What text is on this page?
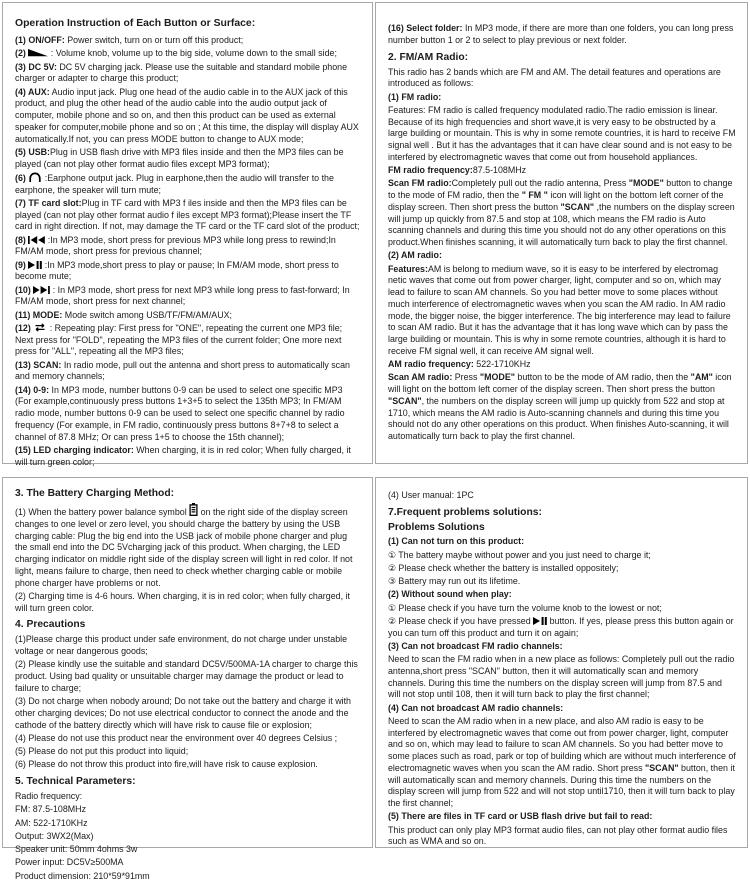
Operation Instruction of Each Button or Surface:
(1) ON/OFF: Power switch, turn on or turn off this product;
(2)  : Volume knob, volume up to the big side, volume down to the small side;
(3) DC 5V: DC 5V charging jack. Please use the suitable and standard mobile phone charger or adapter to charge this product;
(4) AUX: Audio input jack. Plug one head of the audio cable in to the AUX jack of this product, and plug the other head of the audio cable into the audio output jack of computer, mobile phone and so on, and then this product can be used as external speaker for computer,mobile phone and so on ; At this time, the display will display AUX automatically.If not, you can press MODE button to change to AUX mode;
(5) USB:Plug in USB flash drive with MP3 files inside and then the MP3 files can be played (can not play other format audio files except MP3 format);
(6)  :Earphone output jack. Plug in earphone,then the audio will transfer to the earphone, the speaker will turn mute;
(7) TF card slot:Plug in TF card with MP3 f iles inside and then the MP3 files can be played (can not play other format audio f iles except MP3 format);Please insert the TF card in right direction. If not, may damage the TF card or the TF card slot of the product;
(8)  :In MP3 mode, short press for previous MP3 while long press to rewind;In FM/AM mode, short press for previous channel;
(9)  :In MP3 mode,short press to play or pause; In FM/AM mode, short press to become mute;
(10)  : In MP3 mode, short press for next MP3 while long press to fast-forward; In FM/AM mode, short press for next channel;
(11) MODE: Mode switch among USB/TF/FM/AM/AUX;
(12)  : Repeating play: First press for "ONE", repeating the current one MP3 file; Next press for "FOLD", repeating the MP3 files of the current folder; One more next press for "ALL", repeating all the MP3 files;
(13) SCAN: In radio mode, pull out the antenna and short press to automatically scan and memory channels;
(14) 0-9: In MP3 mode, number buttons 0-9 can be used to select one specific MP3 (For example,continuously press buttons 1+3+5 to select the 135th MP3; In FM/AM radio mode, number buttons 0-9 can be used to select one specific channel by radio frequency (For example, in FM radio, continuously press buttons 8+7+8 to select a channel of 87.8 MHz; Or can press 1+5 to choose the 15th channel);
(15) LED charging indicator: When charging, it is in red color; When fully charged, it will turn green color;
(16) Select folder: In MP3 mode, if there are more than one folders, you can long press number button 1 or 2 to select to play previous or next folder.
2. FM/AM Radio:
This radio has 2 bands which are FM and AM. The detail features and operations are introduced as follows:
(1) FM radio:
Features: FM radio is called frequency modulated radio.The radio emission is linear. Because of its high frequencies and short wave,it is very easy to be obstructed by a large building or mountain. This is why in some remote countries, it is hard to receive FM signal well . But it has the advantages that it can have clear sound and is not easy to be interfered by electromagnetic waves that come out from household appliances.
FM radio frequency:87.5-108MHz
Scan FM radio:Completely pull out the radio antenna, Press "MODE" button to change to the mode of FM radio, then the " FM " icon will light on the bottom left corner of the display screen. Then short press the button "SCAN" ,the numbers on the display screen will jump up quickly from 87.5 and stop at 108, which means the FM radio is Auto scanning channels and during this time you should not do any other operations on this product.When finishes scanning, it will automatically turn back to play the first channel.
(2) AM radio:
Features:AM is belong to medium wave, so it is easy to be interfered by electromag netic waves that come out from power charger, light, computer and so on, which may lead to failure to scan AM channels. So you had better move to some places without much interference of electromagnetic waves when you scan the AM radio. In AM radio mode, the bigger noise, the bigger interference. The big interference may lead to failure to scan AM radio. But it has the advantage that it has long wave which can by pass the large building or mountain. This is why in some remote countries, although it is hard to receive FM signal well, it can receive AM signal well.
AM radio frequency: 522-1710KHz
Scan AM radio: Press "MODE" button to be the mode of AM radio, then the "AM" icon will light on the bottom left corner of the display screen. Then short press the button "SCAN", the numbers on the display screen will jump up quickly from 522 and stop at 1710, which means the AM radio is Auto-scanning channels and during this time you should not do any other operations on this product. When finishes Auto-scanning, it will automatically turn back to play the first channel.
3. The Battery Charging Method:
(1) When the battery power balance symbol  on the right side of the display screen changes to one level or zero level, you should charge the battery by using the USB charging cable: Plug the big end into the USB jack of mobile phone charger and plug the small end into the DC 5Vcharging jack of this product. When charging, the LED charging indicator on middle right side of the display screen will light in red color. If not light, means failure to charge, then need to check whether charging cable or mobile phone charger have problems or not.
(2) Charging time is 4-6 hours. When charging, it is in red color; when fully charged, it will turn green color.
4. Precautions
(1)Please charge this product under safe environment, do not charge under unstable voltage or near dangerous goods;
(2) Please kindly use the suitable and standard DC5V/500MA-1A charger to charge this product. Using bad quality or unsuitable charger may damage the product or lead to failure to charge;
(3) Do not charge when nobody around; Do not take out the battery and charge it with other charging devices; Do not use electrical conductor to connect the anode and the cathode of the battery directly which will have risk to cause file or explosion;
(4) Please do not use this product near the environment over 40 degrees Celsius ;
(5) Please do not put this product into liquid;
(6) Please do not throw this product into fire,will have risk to cause explosion.
5. Technical Parameters:
Radio frequency:
FM: 87.5-108MHz
AM: 522-1710KHz
Output: 3WX2(Max)
Speaker unit: 50mm 4ohms 3w
Power input: DC5V≥500MA
Product dimension: 210*59*91mm
(4) User manual: 1PC
7.Frequent problems solutions:
Problems Solutions
(1) Can not turn on this product:
① The battery maybe without power and you just need to charge it;
② Please check whether the battery is installed oppositely;
③ Battery may run out its lifetime.
(2) Without sound when play:
① Please check if you have turn the volume knob to the lowest or not;
② Please check if you have pressed  button. If yes, please press this button again or you can turn off this product and turn it on again;
(3) Can not broadcast FM radio channels:
Need to scan the FM radio when in a new place as follows: Completely pull out the radio antenna,short press "SCAN" button, then it will automatically scan and memory channels. During this time the numbers on the display screen will jump from 87.5 and will not stop until 108, then it will turn back to play the first channel;
(4) Can not broadcast AM radio channels:
Need to scan the AM radio when in a new place, and also AM radio is easy to be interfered by electromagnetic waves that come out from power charger, light, computer and so on, which may lead to failure to scan AM channels. So you had better move to some places such as road, park or top of building which are without much interference of electromagnetic waves when you scan the AM radio. Short press "SCAN" button, then it will automatically scan and memory channels. During this time the numbers on the display screen will jump from 522 and will not stop until1710, then it will turn back to play the first channel;
(5) There are files in TF card or USB flash drive but fail to read:
This product can only play MP3 format audio files, can not play other format audio files such as WMA and so on.
